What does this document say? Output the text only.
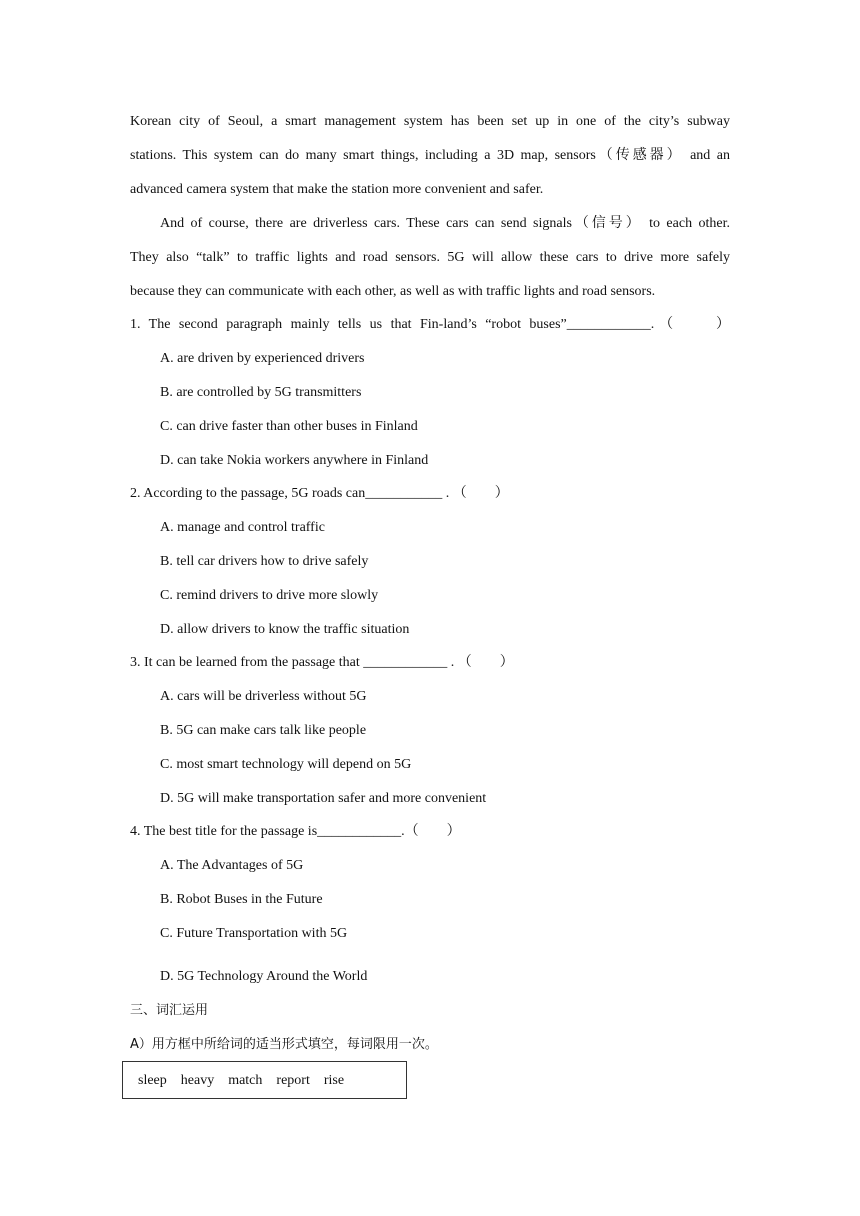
Korean city of Seoul, a smart management system has been set up in one of the city’s subway
stations. This system can do many smart things, including a 3D map, sensors（传感器） and an
advanced camera system that make the station more convenient and safer.
And of course, there are driverless cars. These cars can send signals（信号） to each other.
They also “talk” to traffic lights and road sensors. 5G will allow these cars to drive more safely
because they can communicate with each other, as well as with traffic lights and road sensors.
1. The second paragraph mainly tells us that Fin-land’s “robot buses”____________.（　　）
A. are driven by experienced drivers
B. are controlled by 5G transmitters
C. can drive faster than other buses in Finland
D. can take Nokia workers anywhere in Finland
2. According to the passage, 5G roads can___________ . （　　）
A. manage and control traffic
B. tell car drivers how to drive safely
C. remind drivers to drive more slowly
D. allow drivers to know the traffic situation
3. It can be learned from the passage that ____________ . （　　）
A. cars will be driverless without 5G
B. 5G can make cars talk like people
C. most smart technology will depend on 5G
D. 5G will make transportation safer and more convenient
4. The best title for the passage is____________.（　　）
A. The Advantages of 5G
B. Robot Buses in the Future
C. Future Transportation with 5G
D. 5G Technology Around the World
三、词汇运用
A）用方框中所给词的适当形式填空，每词限用一次。
sleep    heavy    match    report    rise
